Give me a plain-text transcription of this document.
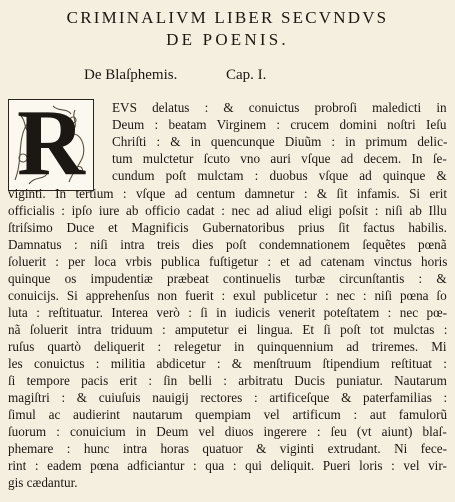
CRIMINALIVM LIBER SECVNDVS
DE POENIS.
De Blaſphemis.	Cap. I.
R	EVS delatus : & conuictus probroſi maledicti in
Deum : beatam Virginem : crucem domini noſtri Ieſu
Chriſti : & in quencunque Diuũm : in primum delic-
tum mulctetur ſcuto vno auri vſque ad decem. In ſe-
cundum poſt mulctam : duobus vſque ad quinque &
viginti. In tertium : vſque ad centum damnetur : & ſit infamis. Si erit
officialis : ipſo iure ab officio cadat : nec ad aliud eligi poſsit : niſi ab Illu
ſtriſsimo Duce et Magnificis Gubernatoribus prius ſit factus habilis.
Damnatus : niſi intra treis dies poſt condemnationem ſequẽtes pœnã
ſoluerit : per loca vrbis publica fuſtigetur : et ad catenam vinctus horis
quinque os impudentiæ præbeat continuelis turbæ circunſtantis : &
conuicijs. Si apprehenſus non fuerit : exul publicetur : nec : niſi pœna ſo
luta : reſtituatur. Interea verò : ſi in iudicis venerit poteſtatem : nec pœ-
nã ſoluerit intra triduum : amputetur ei lingua. Et ſi poſt tot mulctas :
ruſus quartò deliquerit : relegetur in quinquennium ad triremes. Mi
les conuictus : militia abdicetur : & menſtruum ſtipendium reſtituat :
ſi tempore pacis erit : ſin belli : arbitratu Ducis puniatur. Nautarum
magiſtri : & cuiuſuis nauigij rectores : artificeſque & paterfamilias :
ſimul ac audierint nautarum quempiam vel artificum : aut famulorũ
ſuorum : conuicium in Deum vel diuos ingerere : ſeu (vt aiunt) blaſ-
phemare : hunc intra horas quatuor & viginti extrudant. Ni fece-
rint : eadem pœna adficiantur : qua : qui deliquit. Pueri loris : vel vir-
gis cædantur.
